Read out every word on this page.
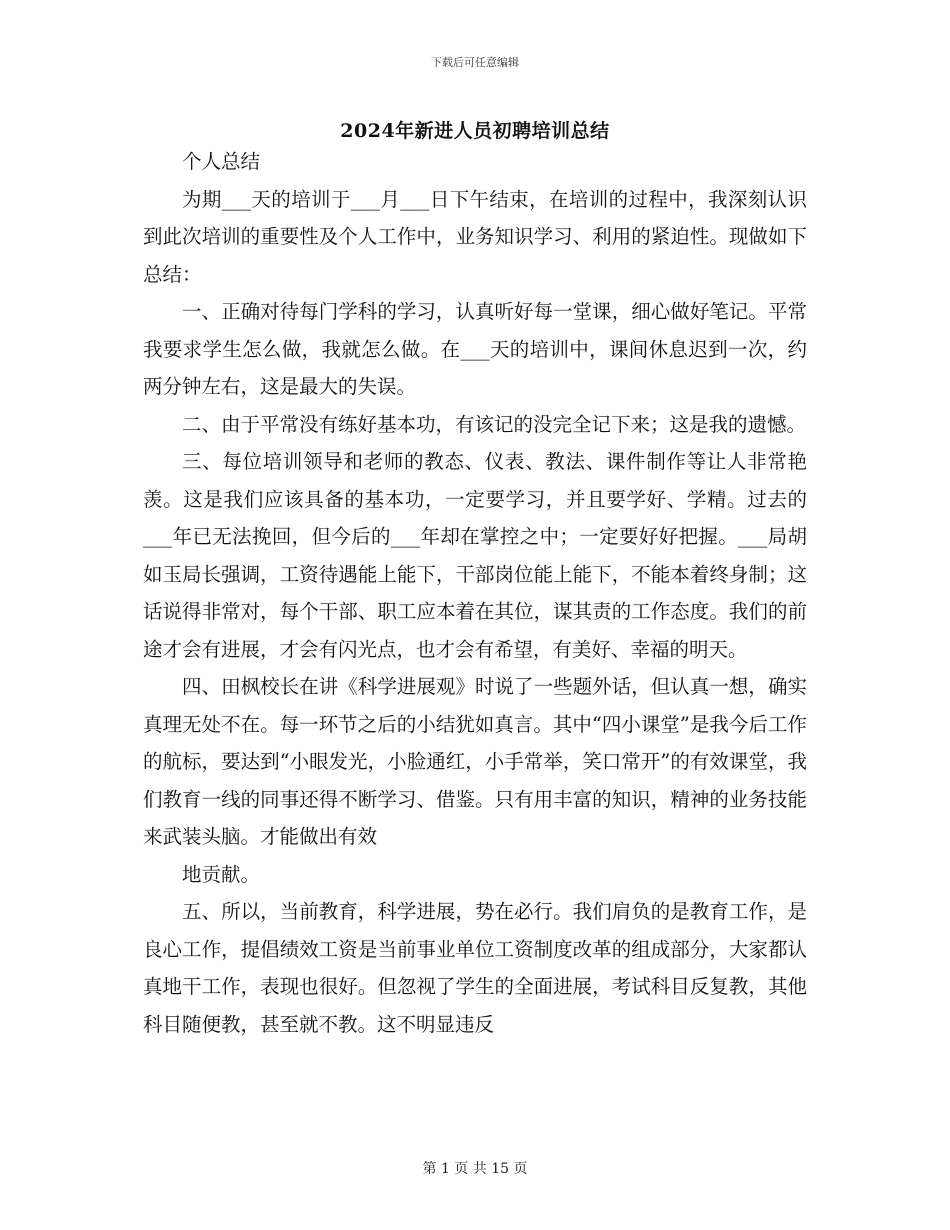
下载后可任意编辑
2024年新进人员初聘培训总结

个人总结

为期___天的培训于___月___日下午结束，在培训的过程中，我深刻认识到此次培训的重要性及个人工作中，业务知识学习、利用的紧迫性。现做如下总结：

一、正确对待每门学科的学习，认真听好每一堂课，细心做好笔记。平常我要求学生怎么做，我就怎么做。在___天的培训中，课间休息迟到一次，约两分钟左右，这是最大的失误。

二、由于平常没有练好基本功，有该记的没完全记下来；这是我的遗憾。

三、每位培训领导和老师的教态、仪表、教法、课件制作等让人非常艳羡。这是我们应该具备的基本功，一定要学习，并且要学好、学精。过去的___年已无法挽回，但今后的___年却在掌控之中；一定要好好把握。___局胡如玉局长强调，工资待遇能上能下，干部岗位能上能下，不能本着终身制；这话说得非常对，每个干部、职工应本着在其位，谋其责的工作态度。我们的前途才会有进展，才会有闪光点，也才会有希望，有美好、幸福的明天。

四、田枫校长在讲《科学进展观》时说了一些题外话，但认真一想，确实真理无处不在。每一环节之后的小结犹如真言。其中“四小课堂”是我今后工作的航标，要达到“小眼发光，小脸通红，小手常举，笑口常开”的有效课堂，我们教育一线的同事还得不断学习、借鉴。只有用丰富的知识，精神的业务技能来武装头脑。才能做出有效

地贡献。

五、所以，当前教育，科学进展，势在必行。我们肩负的是教育工作，是良心工作，提倡绩效工资是当前事业单位工资制度改革的组成部分，大家都认真地干工作，表现也很好。但忽视了学生的全面进展，考试科目反复教，其他科目随便教，甚至就不教。这不明显违反

第 1 页 共 15 页
